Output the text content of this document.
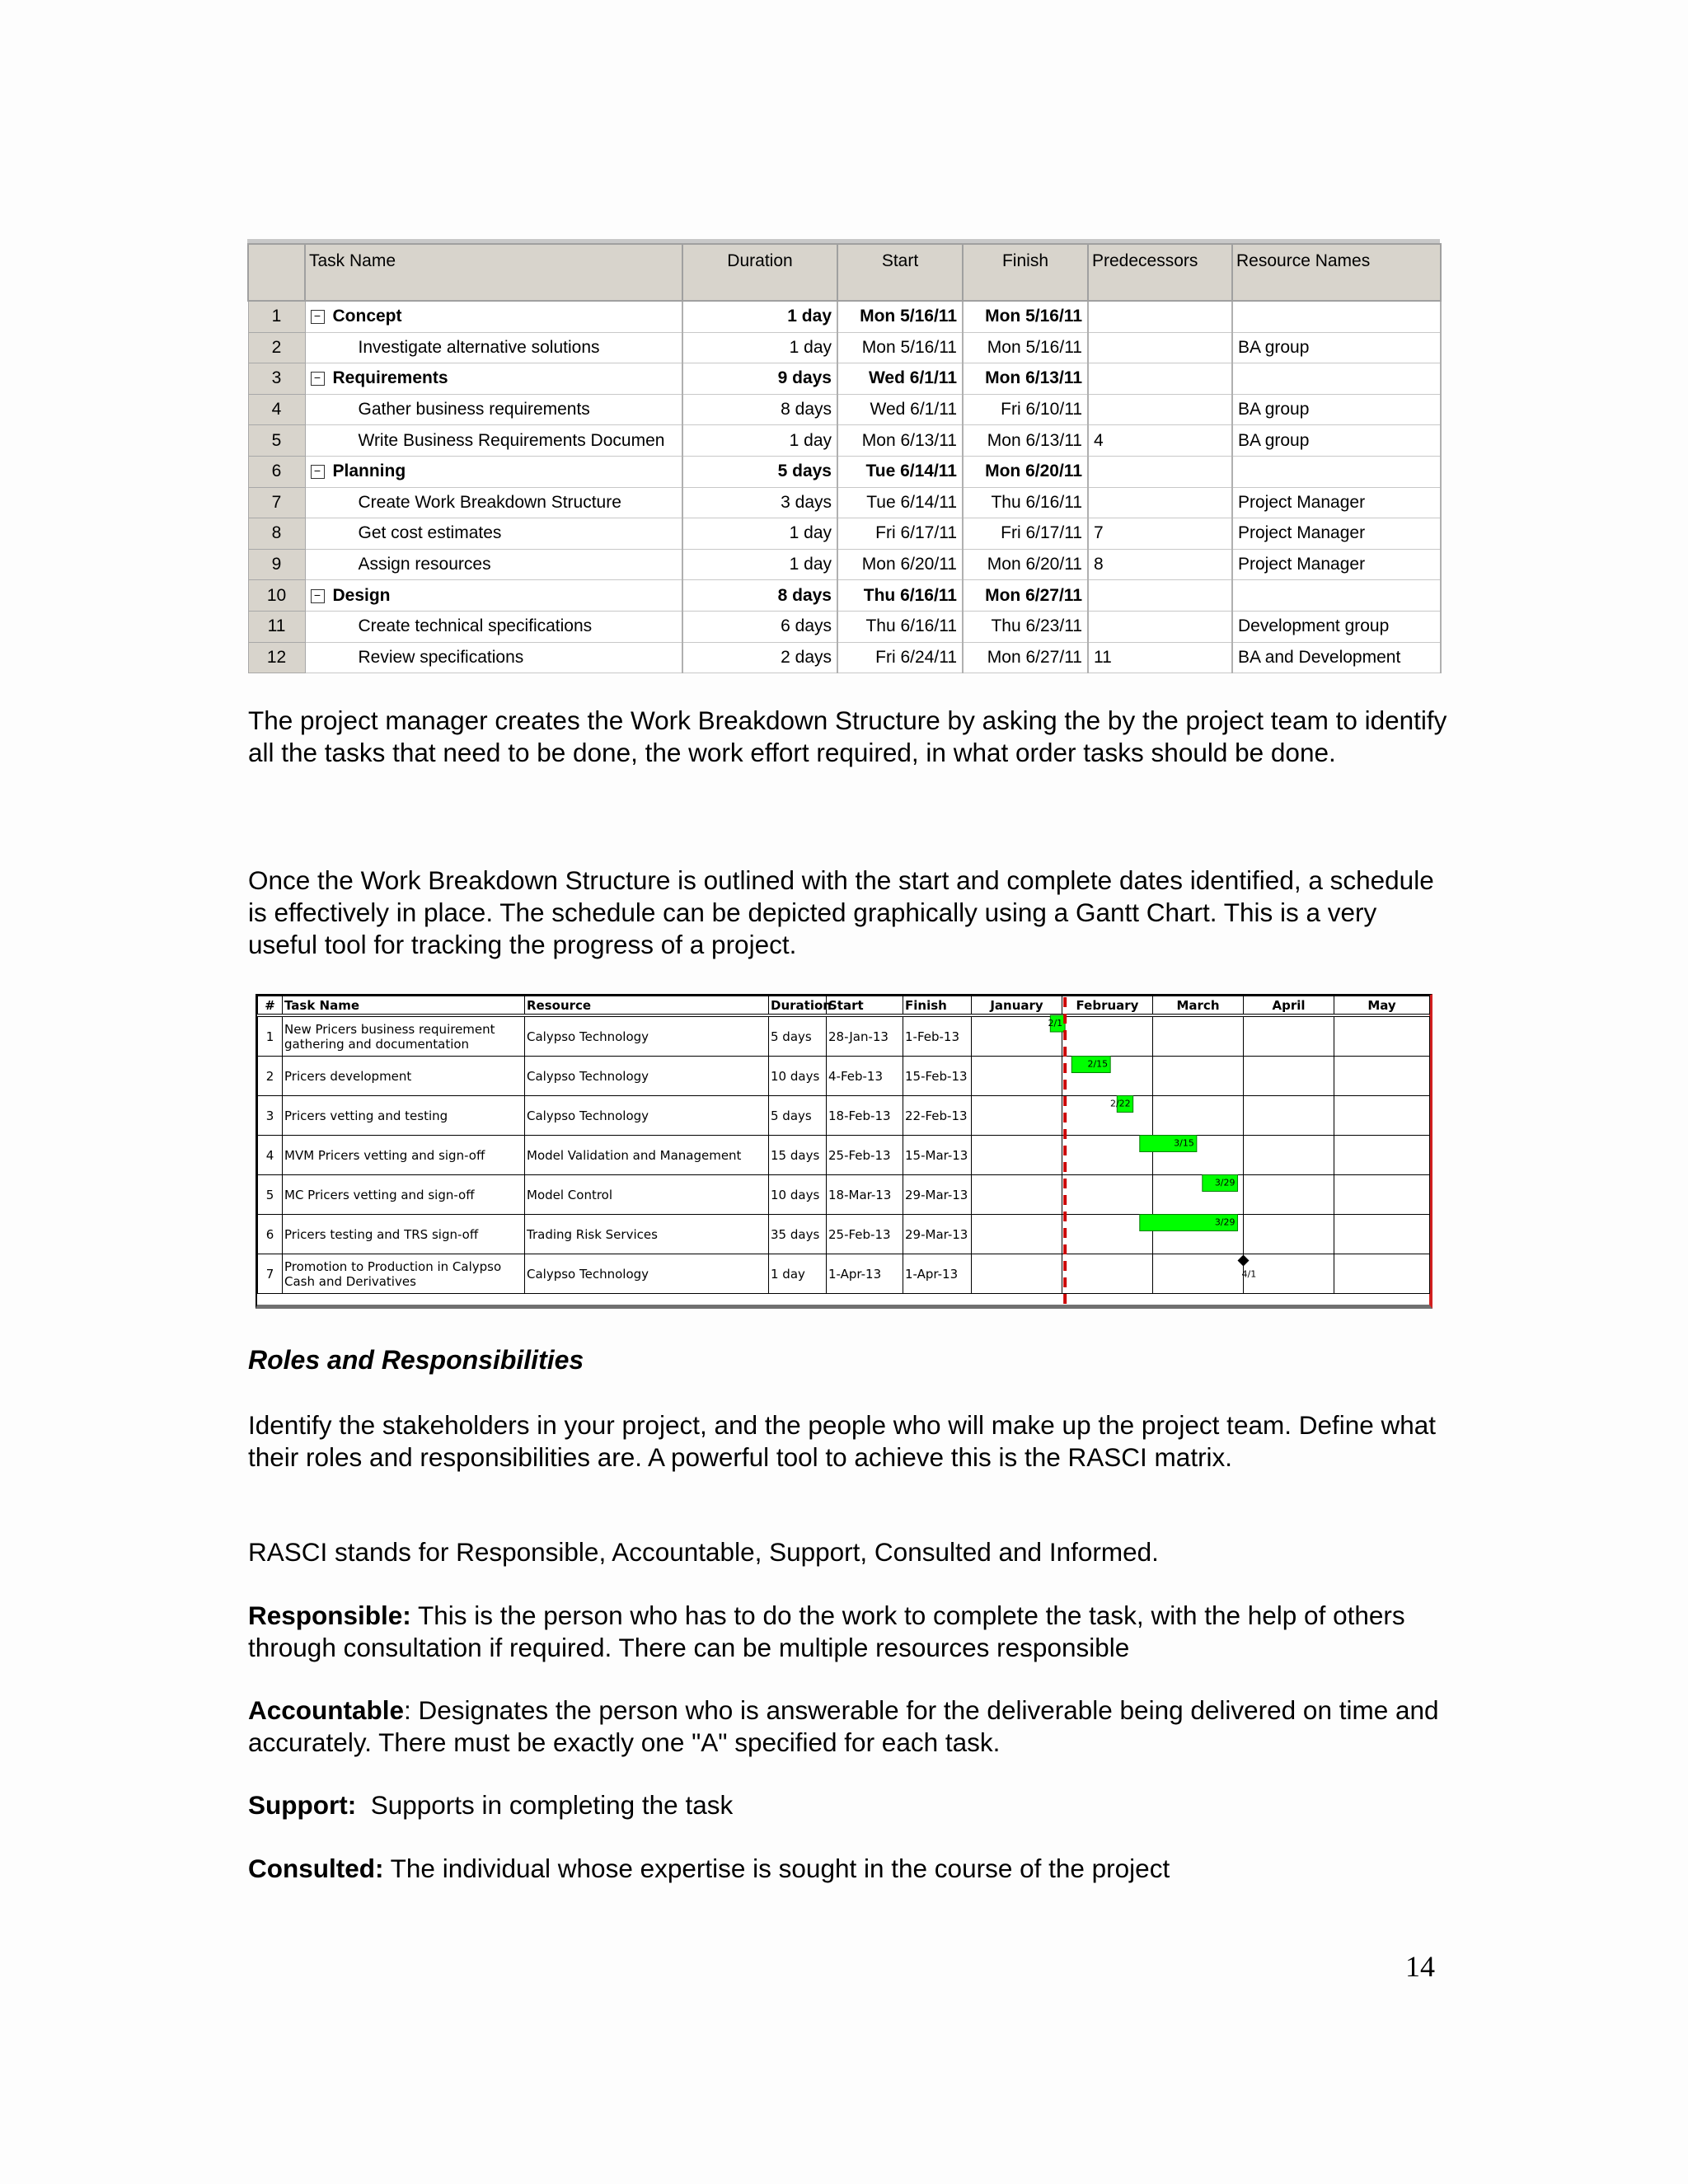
	Task Name	Duration	Start	Finish	Predecessors	Resource Names
1	− Concept	1 day	Mon 5/16/11	Mon 5/16/11		
2	Investigate alternative solutions	1 day	Mon 5/16/11	Mon 5/16/11		BA group
3	− Requirements	9 days	Wed 6/1/11	Mon 6/13/11		
4	Gather business requirements	8 days	Wed 6/1/11	Fri 6/10/11		BA group
5	Write Business Requirements Documen	1 day	Mon 6/13/11	Mon 6/13/11	4	BA group
6	− Planning	5 days	Tue 6/14/11	Mon 6/20/11		
7	Create Work Breakdown Structure	3 days	Tue 6/14/11	Thu 6/16/11		Project Manager
8	Get cost estimates	1 day	Fri 6/17/11	Fri 6/17/11	7	Project Manager
9	Assign resources	1 day	Mon 6/20/11	Mon 6/20/11	8	Project Manager
10	− Design	8 days	Thu 6/16/11	Mon 6/27/11		
11	Create technical specifications	6 days	Thu 6/16/11	Thu 6/23/11		Development group
12	Review specifications	2 days	Fri 6/24/11	Mon 6/27/11	11	BA and Development

The project manager creates the Work Breakdown Structure by asking the by the project team to identify all the tasks that need to be done, the work effort required, in what order tasks should be done.

Once the Work Breakdown Structure is outlined with the start and complete dates identified, a schedule is effectively in place. The schedule can be depicted graphically using a Gantt Chart. This is a very useful tool for tracking the progress of a project.

#	Task Name	Resource	Duration	Start	Finish	January	February	March	April	May
1	New Pricers business requirement gathering and documentation	Calypso Technology	5 days	28-Jan-13	1-Feb-13					
2	Pricers development	Calypso Technology	10 days	4-Feb-13	15-Feb-13					
3	Pricers vetting and testing	Calypso Technology	5 days	18-Feb-13	22-Feb-13					
4	MVM Pricers vetting and sign-off	Model Validation and Management	15 days	25-Feb-13	15-Mar-13					
5	MC Pricers vetting and sign-off	Model Control	10 days	18-Mar-13	29-Mar-13					
6	Pricers testing and TRS sign-off	Trading Risk Services	35 days	25-Feb-13	29-Mar-13					
7	Promotion to Production in Calypso Cash and Derivatives	Calypso Technology	1 day	1-Apr-13	1-Apr-13					
2/1
2/15
2/22
3/15
3/29
3/29
4/1

Roles and Responsibilities

Identify the stakeholders in your project, and the people who will make up the project team. Define what their roles and responsibilities are. A powerful tool to achieve this is the RASCI matrix.

RASCI stands for Responsible, Accountable, Support, Consulted and Informed.

Responsible: This is the person who has to do the work to complete the task, with the help of others through consultation if required. There can be multiple resources responsible

Accountable: Designates the person who is answerable for the deliverable being delivered on time and accurately. There must be exactly one "A" specified for each task.

Support:  Supports in completing the task

Consulted: The individual whose expertise is sought in the course of the project

14
